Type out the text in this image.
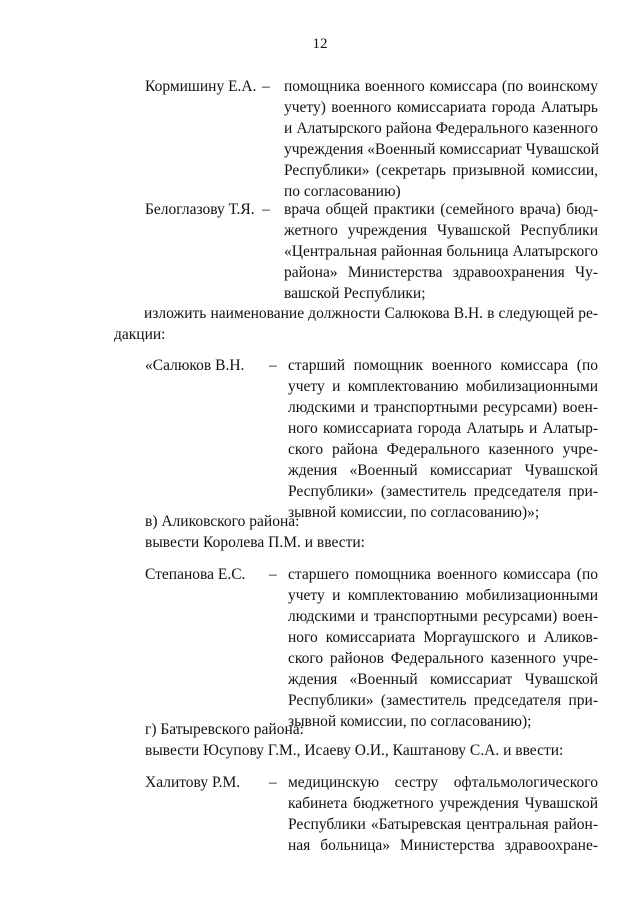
12
Кормишину Е.А. – помощника военного комиссара (по воинскому
учету) военного комиссариата города Алатырь
и Алатырского района Федерального казенного
учреждения «Военный комиссариат Чувашской
Республики» (секретарь призывной комиссии,
по согласованию)
Белоглазову Т.Я. – врача общей практики (семейного врача) бюд-
жетного учреждения Чувашской Республики
«Центральная районная больница Алатырского
района» Министерства здравоохранения Чу-
вашской Республики;
изложить наименование должности Салюкова В.Н. в следующей ре-
дакции:
«Салюков В.Н. – старший помощник военного комиссара (по
учету и комплектованию мобилизационными
людскими и транспортными ресурсами) воен-
ного комиссариата города Алатырь и Алатыр-
ского района Федерального казенного учре-
ждения «Военный комиссариат Чувашской
Республики» (заместитель председателя при-
зывной комиссии, по согласованию)»;
в) Аликовского района:
вывести Королева П.М. и ввести:
Степанова Е.С. – старшего помощника военного комиссара (по
учету и комплектованию мобилизационными
людскими и транспортными ресурсами) воен-
ного комиссариата Моргаушского и Аликов-
ского районов Федерального казенного учре-
ждения «Военный комиссариат Чувашской
Республики» (заместитель председателя при-
зывной комиссии, по согласованию);
г) Батыревского района:
вывести Юсупову Г.М., Исаеву О.И., Каштанову С.А. и ввести:
Халитову Р.М. – медицинскую сестру офтальмологического
кабинета бюджетного учреждения Чувашской
Республики «Батыревская центральная район-
ная больница» Министерства здравоохране-
